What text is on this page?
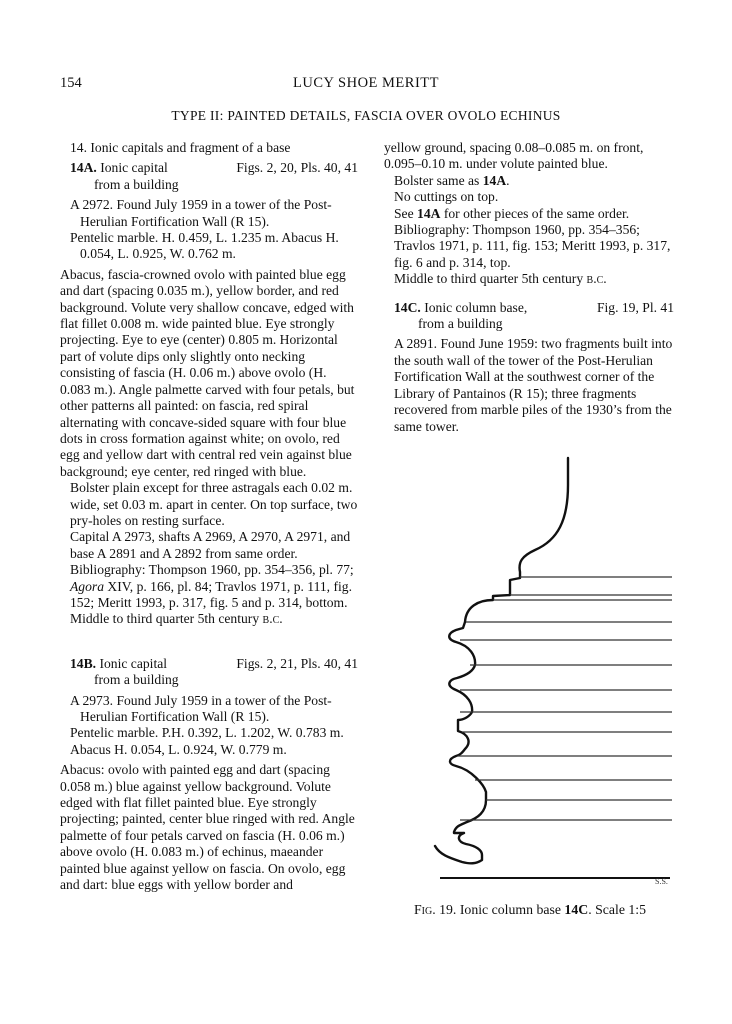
154	LUCY SHOE MERITT
TYPE II: PAINTED DETAILS, FASCIA OVER OVOLO ECHINUS

14. Ionic capitals and fragment of a base

14A. Ionic capital	Figs. 2, 20, Pls. 40, 41

from a building

A 2972. Found July 1959 in a tower of the Post-Herulian Fortification Wall (R 15).

Pentelic marble. H. 0.459, L. 1.235 m. Abacus H. 0.054, L. 0.925, W. 0.762 m.

Abacus, fascia-crowned ovolo with painted blue egg and dart (spacing 0.035 m.), yellow border, and red background. Volute very shallow concave, edged with flat fillet 0.008 m. wide painted blue. Eye strongly projecting. Eye to eye (center) 0.805 m. Horizontal part of volute dips only slightly onto necking consisting of fascia (H. 0.06 m.) above ovolo (H. 0.083 m.). Angle palmette carved with four petals, but other patterns all painted: on fascia, red spiral alternating with concave-sided square with four blue dots in cross formation against white; on ovolo, red egg and yellow dart with central red vein against blue background; eye center, red ringed with blue.

Bolster plain except for three astragals each 0.02 m. wide, set 0.03 m. apart in center. On top surface, two pry-holes on resting surface.

Capital A 2973, shafts A 2969, A 2970, A 2971, and base A 2891 and A 2892 from same order.

Bibliography: Thompson 1960, pp. 354–356, pl. 77; Agora XIV, p. 166, pl. 84; Travlos 1971, p. 111, fig. 152; Meritt 1993, p. 317, fig. 5 and p. 314, bottom.

Middle to third quarter 5th century b.c.

14B. Ionic capital	Figs. 2, 21, Pls. 40, 41

from a building

A 2973. Found July 1959 in a tower of the Post-Herulian Fortification Wall (R 15).

Pentelic marble. P.H. 0.392, L. 1.202, W. 0.783 m.

Abacus H. 0.054, L. 0.924, W. 0.779 m.

Abacus: ovolo with painted egg and dart (spacing 0.058 m.) blue against yellow background. Volute edged with flat fillet painted blue. Eye strongly projecting; painted, center blue ringed with red. Angle palmette of four petals carved on fascia (H. 0.06 m.) above ovolo (H. 0.083 m.) of echinus, maeander painted blue against yellow on fascia. On ovolo, egg and dart: blue eggs with yellow border and

yellow ground, spacing 0.08–0.085 m. on front, 0.095–0.10 m. under volute painted blue.

Bolster same as 14A.

No cuttings on top.

See 14A for other pieces of the same order.

Bibliography: Thompson 1960, pp. 354–356; Travlos 1971, p. 111, fig. 153; Meritt 1993, p. 317, fig. 6 and p. 314, top.

Middle to third quarter 5th century b.c.

14C. Ionic column base,	Fig. 19, Pl. 41

from a building

A 2891. Found June 1959: two fragments built into the south wall of the tower of the Post-Herulian Fortification Wall at the southwest corner of the Library of Pantainos (R 15); three fragments recovered from marble piles of the 1930’s from the same tower.

S.S.
Fig. 19. Ionic column base 14C. Scale 1:5
